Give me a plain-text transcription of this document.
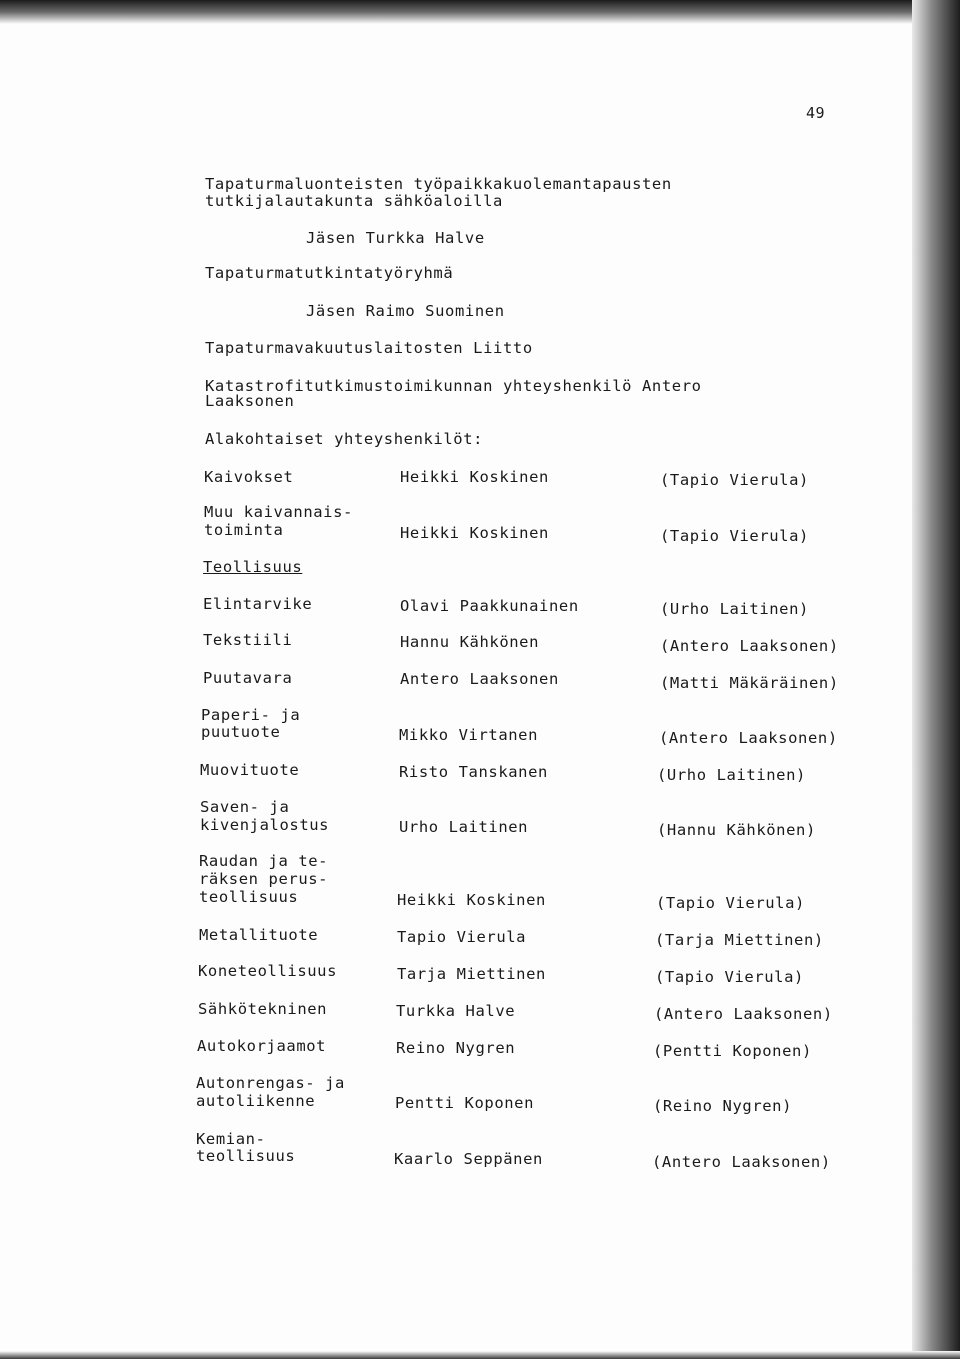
49
Tapaturmaluonteisten työpaikkakuolemantapausten
tutkijalautakunta sähköaloilla
Jäsen Turkka Halve
Tapaturmatutkintatyöryhmä
Jäsen Raimo Suominen
Tapaturmavakuutuslaitosten Liitto
Katastrofitutkimustoimikunnan yhteyshenkilö Antero
Laaksonen
Alakohtaiset yhteyshenkilöt:
Kaivokset	Heikki Koskinen	(Tapio Vierula)
Muu kaivannais-
toiminta	Heikki Koskinen	(Tapio Vierula)
Teollisuus
Elintarvike	Olavi Paakkunainen	(Urho Laitinen)
Tekstiili	Hannu Kähkönen	(Antero Laaksonen)
Puutavara	Antero Laaksonen	(Matti Mäkäräinen)
Paperi- ja
puutuote	Mikko Virtanen	(Antero Laaksonen)
Muovituote	Risto Tanskanen	(Urho Laitinen)
Saven- ja
kivenjalostus	Urho Laitinen	(Hannu Kähkönen)
Raudan ja te-
räksen perus-
teollisuus	Heikki Koskinen	(Tapio Vierula)
Metallituote	Tapio Vierula	(Tarja Miettinen)
Koneteollisuus	Tarja Miettinen	(Tapio Vierula)
Sähkötekninen	Turkka Halve	(Antero Laaksonen)
Autokorjaamot	Reino Nygren	(Pentti Koponen)
Autonrengas- ja
autoliikenne	Pentti Koponen	(Reino Nygren)
Kemian-
teollisuus	Kaarlo Seppänen	(Antero Laaksonen)
